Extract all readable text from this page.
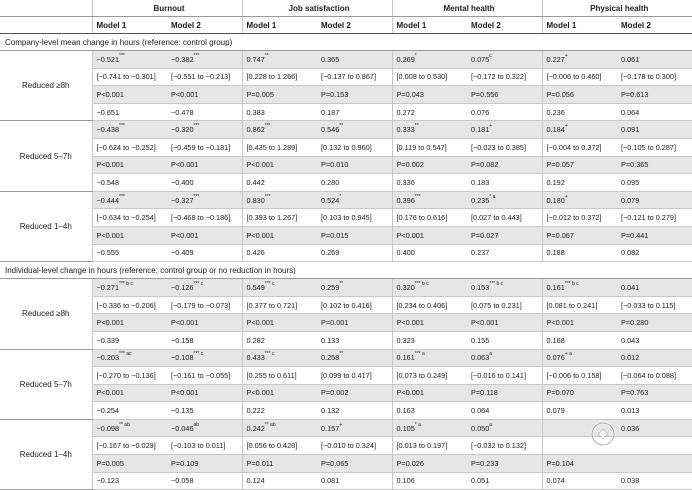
	Burnout		Job satisfaction		Mental health		Physical health	
	Model 1	Model 2	Model 1	Model 2	Model 1	Model 2	Model 1	Model 2
Company-level mean change in hours (reference: control group)								
Reduced ≥8h	−0.521***	−0.382***	0.747**	0.365	0.269*	0.075$^c$	0.227+	0.061
	[−0.741 to −0.301]	[−0.551 to −0.213]	[0.228 to 1.266]	[−0.137 to 0.867]	[0.008 to 0.530]	[−0.172 to 0.322]	[−0.006 to 0.460]	[−0.178 to 0.300]
	P<0.001	P<0.001	P=0.005	P=0.153	P=0.043	P=0.556	P=0.056	P=0.613
	−0.651	−0.478	0.383	0.187	0.272	0.076	0.236	0.064
Reduced 5–7h	−0.438***	−0.320***	0.862***	0.546**	0.333**	0.181+	0.184+	0.091
	[−0.624 to −0.252]	[−0.459 to −0.181]	[0.435 to 1.289]	[0.132 to 0.960]	[0.119 to 0.547]	[−0.023 to 0.385]	[−0.004 to 0.372]	[−0.105 to 0.287]
	P<0.001	P<0.001	P<0.001	P=0.010	P=0.002	P=0.082	P=0.057	P=0.365
	−0.548	−0.400	0.442	0.280	0.336	0.183	0.192	0.095
Reduced 1–4h	−0.444***	−0.327***	0.830***	0.524*	0.396***	0.235$^{* a}$	0.180+	0.079
	[−0.634 to −0.254]	[−0.468 to −0.186]	[0.393 to 1.267]	[0.103 to 0.945]	[0.176 to 0.616]	[0.027 to 0.443]	[−0.012 to 0.372]	[−0.121 to 0.279]
	P<0.001	P<0.001	P<0.001	P=0.015	P<0.001	P=0.027	P=0.067	P=0.441
	−0.555	−0.409	0.426	0.269	0.400	0.237	0.188	0.082
Individual-level change in hours (reference: control group or no reduction in hours)								
Reduced ≥8h	$-0.271^{*** b c}$	$-0.126^{*** c}$	0.549$^{*** c}$	0.259**	$0.320^{*** b c}$	$0.153^{*** b c}$	$0.161^{*** b c}$	0.041
	[−0.336 to −0.206]	[−0.179 to −0.073]	[0.377 to 0.721]	[0.102 to 0.416]	[0.234 to 0.406]	[0.075 to 0.231]	[0.081 to 0.241]	[−0.033 to 0.115]
	P<0.001	P<0.001	P<0.001	P=0.001	P<0.001	P<0.001	P<0.001	P=0.280
	−0.339	−0.158	0.282	0.133	0.323	0.155	0.168	0.043
Reduced 5–7h	$-0.203^{*** ac}$	$-0.108^{*** c}$	0.433$^{*** c}$	0.258**	0.161$^{*** a}$	0.063$^a$	$0.076^{+ a}$	0.012
	[−0.270 to −0.136]	[−0.161 to −0.055]	[0.255 to 0.611]	[0.099 to 0.417]	[0.073 to 0.249]	[−0.016 to 0.141]	[−0.006 to 0.158]	[−0.064 to 0.088]
	P<0.001	P<0.001	P<0.001	P=0.002	P<0.001	P=0.118	P=0.070	P=0.763
	−0.254	−0.135	0.222	0.132	0.163	0.064	0.079	0.013
Reduced 1–4h	$-0.098^{** ab}$	−0.046$^{ab}$	$0.242^{** ab}$	0.157+	0.105$^{* a}$	0.050$^a$		0.036
	[−0.167 to −0.029]	[−0.103 to 0.011]	[0.056 to 0.428]	[−0.010 to 0.324]	[0.013 to 0.197]	[−0.032 to 0.132]		
	P=0.005	P=0.109	P=0.011	P=0.065	P=0.026	P=0.233	P=0.104	
	−0.123	−0.058	0.124	0.081	0.106	0.051	0.074	0.038
